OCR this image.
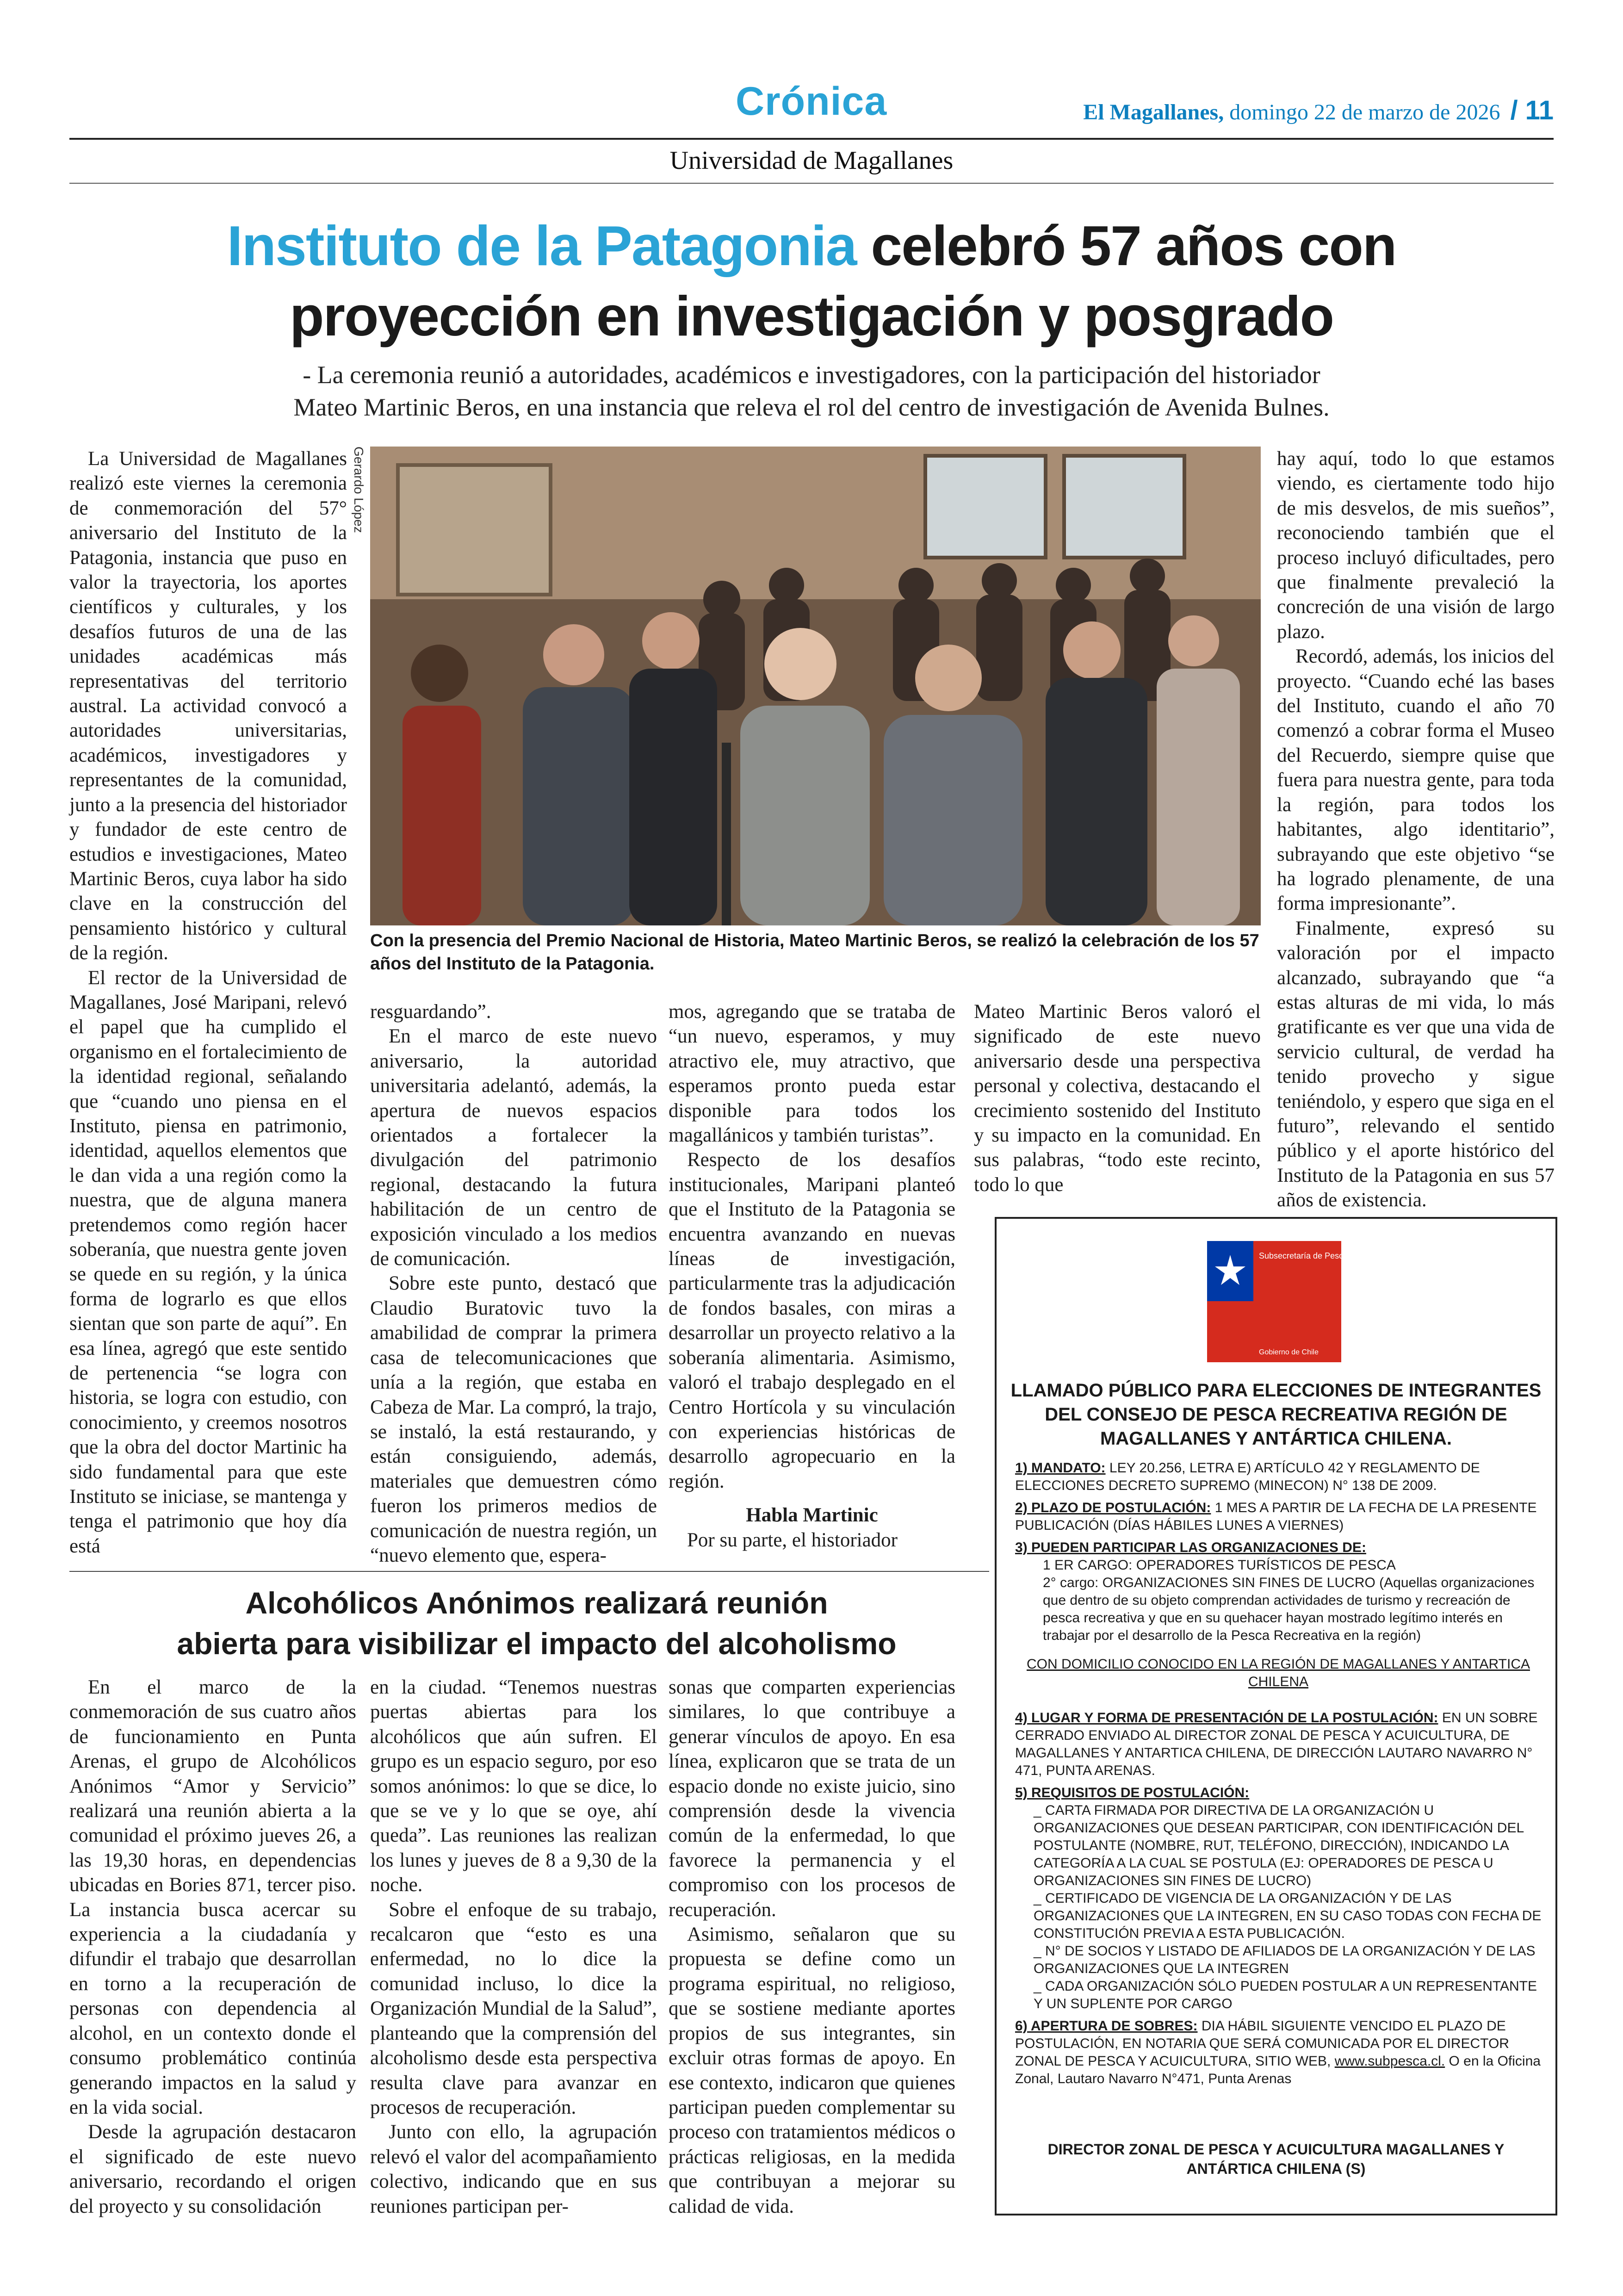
Crónica	El Magallanes, domingo 22 de marzo de 2026 / 11
Universidad de Magallanes
Instituto de la Patagonia celebró 57 años con
proyección en investigación y posgrado
- La ceremonia reunió a autoridades, académicos e investigadores, con la participación del historiador
Mateo Martinic Beros, en una instancia que releva el rol del centro de investigación de Avenida Bulnes.

La Universidad de Magallanes realizó este viernes la ceremonia de conmemoración del 57° aniversario del Instituto de la Patagonia, instancia que puso en valor la trayectoria, los aportes científicos y culturales, y los desafíos futuros de una de las unidades académicas más representativas del territorio austral. La actividad convocó a autoridades universitarias, académicos, investigadores y representantes de la comunidad, junto a la presencia del historiador y fundador de este centro de estudios e investigaciones, Mateo Martinic Beros, cuya labor ha sido clave en la construcción del pensamiento histórico y cultural de la región.

El rector de la Universidad de Magallanes, José Maripani, relevó el papel que ha cumplido el organismo en el fortalecimiento de la identidad regional, señalando que “cuando uno piensa en el Instituto, piensa en patrimonio, identidad, aquellos elementos que le dan vida a una región como la nuestra, que de alguna manera pretendemos como región hacer soberanía, que nuestra gente joven se quede en su región, y la única forma de lograrlo es que ellos sientan que son parte de aquí”. En esa línea, agregó que este sentido de pertenencia “se logra con historia, se logra con estudio, con conocimiento, y creemos nosotros que la obra del doctor Martinic ha sido fundamental para que este Instituto se iniciase, se mantenga y tenga el patrimonio que hoy día está

Gerardo López
Con la presencia del Premio Nacional de Historia, Mateo Martinic Beros, se realizó la celebración de los 57 años del Instituto de la Patagonia.

resguardando”.

En el marco de este nuevo aniversario, la autoridad universitaria adelantó, además, la apertura de nuevos espacios orientados a fortalecer la divulgación del patrimonio regional, destacando la futura habilitación de un centro de exposición vinculado a los medios de comunicación.

Sobre este punto, destacó que Claudio Buratovic tuvo la amabilidad de comprar la primera casa de telecomunicaciones que unía a la región, que estaba en Cabeza de Mar. La compró, la trajo, se instaló, la está restaurando, y están consiguiendo, además, materiales que demuestren cómo fueron los primeros medios de comunicación de nuestra región, un “nuevo elemento que, espera-

mos, agregando que se trataba de “un nuevo, esperamos, y muy atractivo ele, muy atractivo, que esperamos pronto pueda estar disponible para todos los magallánicos y también turistas”.

Respecto de los desafíos institucionales, Maripani planteó que el Instituto de la Patagonia se encuentra avanzando en nuevas líneas de investigación, particularmente tras la adjudicación de fondos basales, con miras a desarrollar un proyecto relativo a la soberanía alimentaria. Asimismo, valoró el trabajo desplegado en el Centro Hortícola y su vinculación con experiencias históricas de desarrollo agropecuario en la región.

Habla Martinic

Por su parte, el historiador

Mateo Martinic Beros valoró el significado de este nuevo aniversario desde una perspectiva personal y colectiva, destacando el crecimiento sostenido del Instituto y su impacto en la comunidad. En sus palabras, “todo este recinto, todo lo que

hay aquí, todo lo que estamos viendo, es ciertamente todo hijo de mis desvelos, de mis sueños”, reconociendo también que el proceso incluyó dificultades, pero que finalmente prevaleció la concreción de una visión de largo plazo.

Recordó, además, los inicios del proyecto. “Cuando eché las bases del Instituto, cuando el año 70 comenzó a cobrar forma el Museo del Recuerdo, siempre quise que fuera para nuestra gente, para toda la región, para todos los habitantes, algo identitario”, subrayando que este objetivo “se ha logrado plenamente, de una forma impresionante”.

Finalmente, expresó su valoración por el impacto alcanzado, subrayando que “a estas alturas de mi vida, lo más gratificante es ver que una vida de servicio cultural, de verdad ha tenido provecho y sigue teniéndolo, y espero que siga en el futuro”, relevando el sentido público y el aporte histórico del Instituto de la Patagonia en sus 57 años de existencia.

Alcohólicos Anónimos realizará reunión
abierta para visibilizar el impacto del alcoholismo

En el marco de la conmemoración de sus cuatro años de funcionamiento en Punta Arenas, el grupo de Alcohólicos Anónimos “Amor y Servicio” realizará una reunión abierta a la comunidad el próximo jueves 26, a las 19,30 horas, en dependencias ubicadas en Bories 871, tercer piso. La instancia busca acercar su experiencia a la ciudadanía y difundir el trabajo que desarrollan en torno a la recuperación de personas con dependencia al alcohol, en un contexto donde el consumo problemático continúa generando impactos en la salud y en la vida social.

Desde la agrupación destacaron el significado de este nuevo aniversario, recordando el origen del proyecto y su consolidación

en la ciudad. “Tenemos nuestras puertas abiertas para los alcohólicos que aún sufren. El grupo es un espacio seguro, por eso somos anónimos: lo que se dice, lo que se ve y lo que se oye, ahí queda”. Las reuniones las realizan los lunes y jueves de 8 a 9,30 de la noche.

Sobre el enfoque de su trabajo, recalcaron que “esto es una enfermedad, no lo dice la comunidad incluso, lo dice la Organización Mundial de la Salud”, planteando que la comprensión del alcoholismo desde esta perspectiva resulta clave para avanzar en procesos de recuperación.

Junto con ello, la agrupación relevó el valor del acompañamiento colectivo, indicando que en sus reuniones participan per-

sonas que comparten experiencias similares, lo que contribuye a generar vínculos de apoyo. En esa línea, explicaron que se trata de un espacio donde no existe juicio, sino comprensión desde la vivencia común de la enfermedad, lo que favorece la permanencia y el compromiso con los procesos de recuperación.

Asimismo, señalaron que su propuesta se define como un programa espiritual, no religioso, que se sostiene mediante aportes propios de sus integrantes, sin excluir otras formas de apoyo. En ese contexto, indicaron que quienes participan pueden complementar su proceso con tratamientos médicos o prácticas religiosas, en la medida que contribuyan a mejorar su calidad de vida.

Subsecretaría de Pesca y Acuicultura
Gobierno de Chile
LLAMADO PÚBLICO PARA ELECCIONES DE INTEGRANTES DEL CONSEJO DE PESCA RECREATIVA REGIÓN DE MAGALLANES Y ANTÁRTICA CHILENA.
1) MANDATO: LEY 20.256, LETRA E) ARTÍCULO 42 Y REGLAMENTO DE ELECCIONES DECRETO SUPREMO (MINECON) N° 138 DE 2009.
2) PLAZO DE POSTULACIÓN: 1 MES A PARTIR DE LA FECHA DE LA PRESENTE PUBLICACIÓN (DÍAS HÁBILES LUNES A VIERNES)
3) PUEDEN PARTICIPAR LAS ORGANIZACIONES DE:
1 ER CARGO: OPERADORES TURÍSTICOS DE PESCA
2° cargo: ORGANIZACIONES SIN FINES DE LUCRO (Aquellas organizaciones que dentro de su objeto comprendan actividades de turismo y recreación de pesca recreativa y que en su quehacer hayan mostrado legítimo interés en trabajar por el desarrollo de la Pesca Recreativa en la región)
CON DOMICILIO CONOCIDO EN LA REGIÓN DE MAGALLANES Y ANTARTICA CHILENA
4) LUGAR Y FORMA DE PRESENTACIÓN DE LA POSTULACIÓN: EN UN SOBRE CERRADO ENVIADO AL DIRECTOR ZONAL DE PESCA Y ACUICULTURA, DE MAGALLANES Y ANTARTICA CHILENA, DE DIRECCIÓN LAUTARO NAVARRO N° 471, PUNTA ARENAS.
5) REQUISITOS DE POSTULACIÓN:
_ CARTA FIRMADA POR DIRECTIVA DE LA ORGANIZACIÓN U ORGANIZACIONES QUE DESEAN PARTICIPAR, CON IDENTIFICACIÓN DEL POSTULANTE (NOMBRE, RUT, TELÉFONO, DIRECCIÓN), INDICANDO LA CATEGORÍA A LA CUAL SE POSTULA (EJ: OPERADORES DE PESCA U ORGANIZACIONES SIN FINES DE LUCRO)
_ CERTIFICADO DE VIGENCIA DE LA ORGANIZACIÓN Y DE LAS ORGANIZACIONES QUE LA INTEGREN, EN SU CASO TODAS CON FECHA DE CONSTITUCIÓN PREVIA A ESTA PUBLICACIÓN.
_ N° DE SOCIOS Y LISTADO DE AFILIADOS DE LA ORGANIZACIÓN Y DE LAS ORGANIZACIONES QUE LA INTEGREN
_ CADA ORGANIZACIÓN SÓLO PUEDEN POSTULAR A UN REPRESENTANTE Y UN SUPLENTE POR CARGO
6) APERTURA DE SOBRES: DIA HÁBIL SIGUIENTE VENCIDO EL PLAZO DE POSTULACIÓN, EN NOTARIA QUE SERÁ COMUNICADA POR EL DIRECTOR ZONAL DE PESCA Y ACUICULTURA, SITIO WEB, www.subpesca.cl. O en la Oficina Zonal, Lautaro Navarro N°471, Punta Arenas
DIRECTOR ZONAL DE PESCA Y ACUICULTURA MAGALLANES Y ANTÁRTICA CHILENA (S)
